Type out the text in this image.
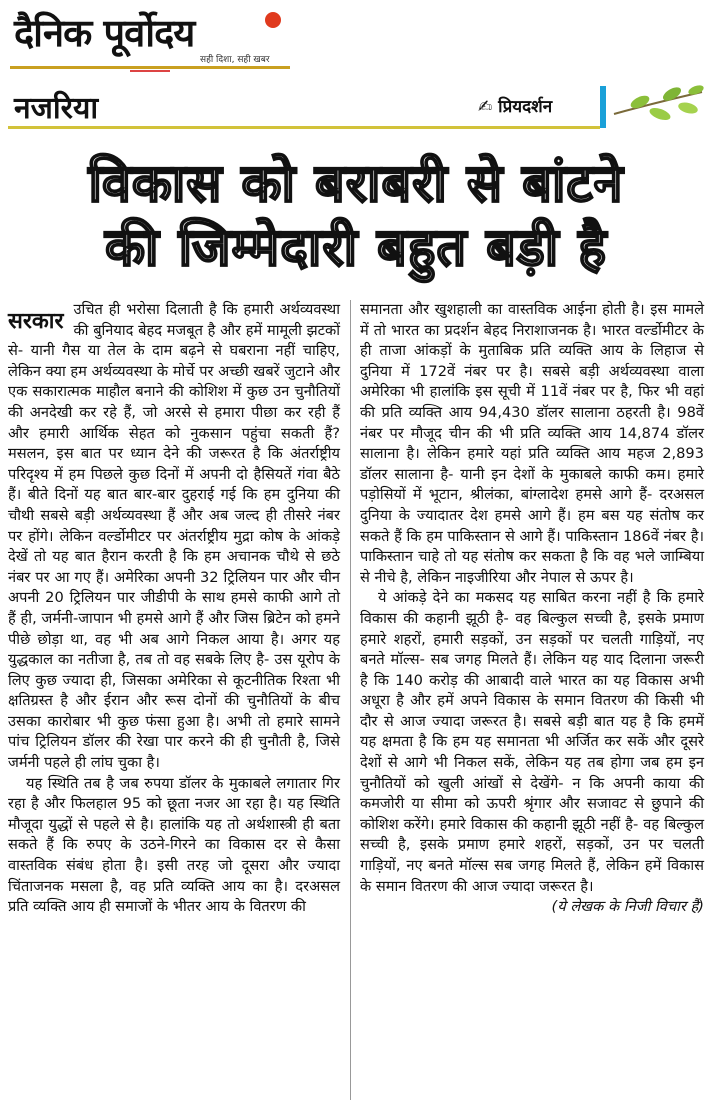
दैनिक पूर्वोदय
सही दिशा, सही खबर
नजरिया	✍ प्रियदर्शन
विकास को बराबरी से बांटने
की जिम्मेदारी बहुत बड़ी है
सरकार उचित ही भरोसा दिलाती है कि हमारी अर्थव्यवस्था की बुनियाद बेहद मजबूत है और हमें मामूली झटकों से- यानी गैस या तेल के दाम बढ़ने से घबराना नहीं चाहिए, लेकिन क्या हम अर्थव्यवस्था के मोर्चे पर अच्छी खबरें जुटाने और एक सकारात्मक माहौल बनाने की कोशिश में कुछ उन चुनौतियों की अनदेखी कर रहे हैं, जो अरसे से हमारा पीछा कर रही हैं और हमारी आर्थिक सेहत को नुकसान पहुंचा सकती हैं? मसलन, इस बात पर ध्यान देने की जरूरत है कि अंतर्राष्ट्रीय परिदृश्य में हम पिछले कुछ दिनों में अपनी दो हैसियतें गंवा बैठे हैं। बीते दिनों यह बात बार-बार दुहराई गई कि हम दुनिया की चौथी सबसे बड़ी अर्थव्यवस्था हैं और अब जल्द ही तीसरे नंबर पर होंगे। लेकिन वर्ल्डोमीटर पर अंतर्राष्ट्रीय मुद्रा कोष के आंकड़े देखें तो यह बात हैरान करती है कि हम अचानक चौथे से छठे नंबर पर आ गए हैं। अमेरिका अपनी 32 ट्रिलियन पार और चीन अपनी 20 ट्रिलियन पार जीडीपी के साथ हमसे काफी आगे तो हैं ही, जर्मनी-जापान भी हमसे आगे हैं और जिस ब्रिटेन को हमने पीछे छोड़ा था, वह भी अब आगे निकल आया है। अगर यह युद्धकाल का नतीजा है, तब तो वह सबके लिए है- उस यूरोप के लिए कुछ ज्यादा ही, जिसका अमेरिका से कूटनीतिक रिश्ता भी क्षतिग्रस्त है और ईरान और रूस दोनों की चुनौतियों के बीच उसका कारोबार भी कुछ फंसा हुआ है। अभी तो हमारे सामने पांच ट्रिलियन डॉलर की रेखा पार करने की ही चुनौती है, जिसे जर्मनी पहले ही लांघ चुका है।

यह स्थिति तब है जब रुपया डॉलर के मुकाबले लगातार गिर रहा है और फिलहाल 95 को छूता नजर आ रहा है। यह स्थिति मौजूदा युद्धों से पहले से है। हालांकि यह तो अर्थशास्त्री ही बता सकते हैं कि रुपए के उठने-गिरने का विकास दर से कैसा वास्तविक संबंध होता है। इसी तरह जो दूसरा और ज्यादा चिंताजनक मसला है, वह प्रति व्यक्ति आय का है। दरअसल प्रति व्यक्ति आय ही समाजों के भीतर आय के वितरण की

समानता और खुशहाली का वास्तविक आईना होती है। इस मामले में तो भारत का प्रदर्शन बेहद निराशाजनक है। भारत वर्ल्डोमीटर के ही ताजा आंकड़ों के मुताबिक प्रति व्यक्ति आय के लिहाज से दुनिया में 172वें नंबर पर है। सबसे बड़ी अर्थव्यवस्था वाला अमेरिका भी हालांकि इस सूची में 11वें नंबर पर है, फिर भी वहां की प्रति व्यक्ति आय 94,430 डॉलर सालाना ठहरती है। 98वें नंबर पर मौजूद चीन की भी प्रति व्यक्ति आय 14,874 डॉलर सालाना है। लेकिन हमारे यहां प्रति व्यक्ति आय महज 2,893 डॉलर सालाना है- यानी इन देशों के मुकाबले काफी कम। हमारे पड़ोसियों में भूटान, श्रीलंका, बांग्लादेश हमसे आगे हैं- दरअसल दुनिया के ज्यादातर देश हमसे आगे हैं। हम बस यह संतोष कर सकते हैं कि हम पाकिस्तान से आगे हैं। पाकिस्तान 186वें नंबर है। पाकिस्तान चाहे तो यह संतोष कर सकता है कि वह भले जाम्बिया से नीचे है, लेकिन नाइजीरिया और नेपाल से ऊपर है।

ये आंकड़े देने का मकसद यह साबित करना नहीं है कि हमारे विकास की कहानी झूठी है- वह बिल्कुल सच्ची है, इसके प्रमाण हमारे शहरों, हमारी सड़कों, उन सड़कों पर चलती गाड़ियों, नए बनते मॉल्स- सब जगह मिलते हैं। लेकिन यह याद दिलाना जरूरी है कि 140 करोड़ की आबादी वाले भारत का यह विकास अभी अधूरा है और हमें अपने विकास के समान वितरण की किसी भी दौर से आज ज्यादा जरूरत है। सबसे बड़ी बात यह है कि हममें यह क्षमता है कि हम यह समानता भी अर्जित कर सकें और दूसरे देशों से आगे भी निकल सकें, लेकिन यह तब होगा जब हम इन चुनौतियों को खुली आंखों से देखेंगे- न कि अपनी काया की कमजोरी या सीमा को ऊपरी श्रृंगार और सजावट से छुपाने की कोशिश करेंगे। हमारे विकास की कहानी झूठी नहीं है- वह बिल्कुल सच्ची है, इसके प्रमाण हमारे शहरों, सड़कों, उन पर चलती गाड़ियों, नए बनते मॉल्स सब जगह मिलते हैं, लेकिन हमें विकास के समान वितरण की आज ज्यादा जरूरत है।

(ये लेखक के निजी विचार हैं)
